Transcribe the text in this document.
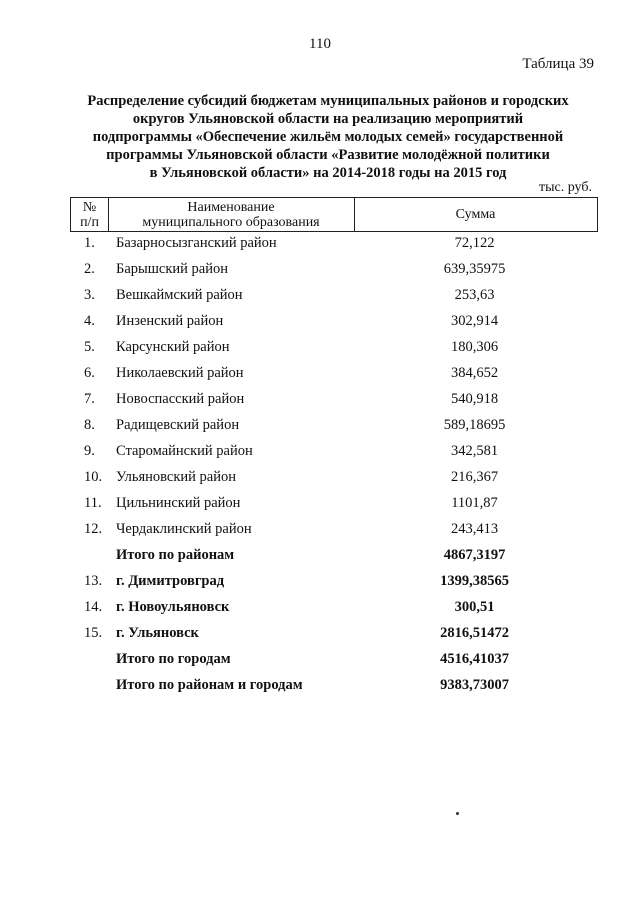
110
Таблица 39
Распределение субсидий бюджетам муниципальных районов и городских
округов Ульяновской области на реализацию мероприятий
подпрограммы «Обеспечение жильём молодых семей» государственной
программы Ульяновской области «Развитие молодёжной политики
в Ульяновской области» на 2014-2018 годы на 2015 год
тыс. руб.
№
п/п
Наименование
муниципального образования	Сумма
1. Базарносызганский район	72,122
2. Барышский район	639,35975
3. Вешкаймский район	253,63
4. Инзенский район	302,914
5. Карсунский район	180,306
6. Николаевский район	384,652
7. Новоспасский район	540,918
8. Радищевский район	589,18695
9. Старомайнский район	342,581
10. Ульяновский район	216,367
11. Цильнинский район	1101,87
12. Чердаклинский район	243,413
Итого по районам	4867,3197
13. г. Димитровград	1399,38565
14. г. Новоульяновск	300,51
15. г. Ульяновск	2816,51472
Итого по городам	4516,41037
Итого по районам и городам	9383,73007
